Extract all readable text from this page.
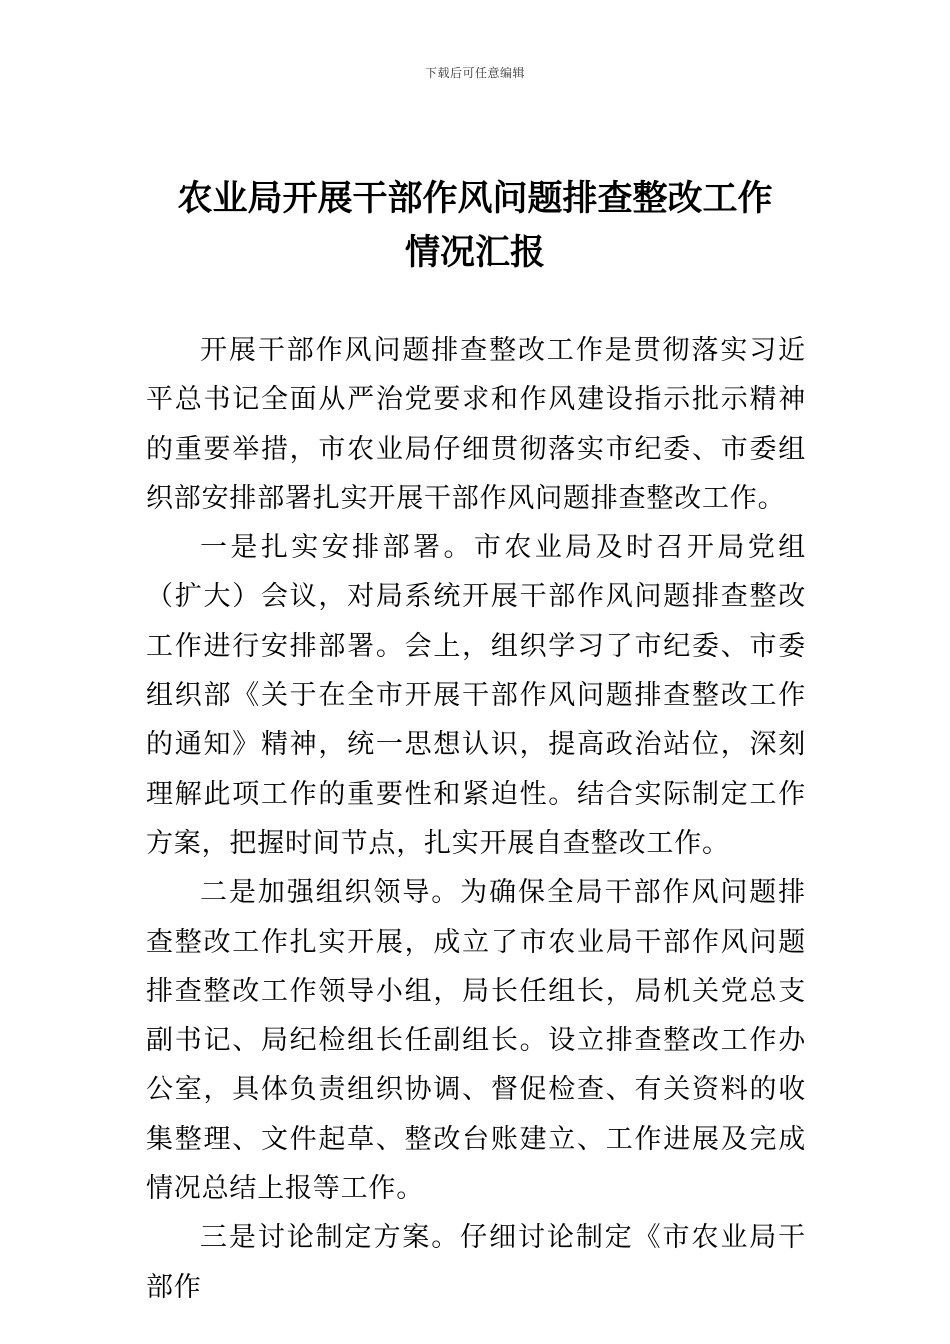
下载后可任意编辑
农业局开展干部作风问题排查整改工作
情况汇报

开展干部作风问题排查整改工作是贯彻落实习近平总书记全面从严治党要求和作风建设指示批示精神的重要举措，市农业局仔细贯彻落实市纪委、市委组织部安排部署扎实开展干部作风问题排查整改工作。

一是扎实安排部署。市农业局及时召开局党组（扩大）会议，对局系统开展干部作风问题排查整改工作进行安排部署。会上，组织学习了市纪委、市委组织部《关于在全市开展干部作风问题排查整改工作的通知》精神，统一思想认识，提高政治站位，深刻理解此项工作的重要性和紧迫性。结合实际制定工作方案，把握时间节点，扎实开展自查整改工作。

二是加强组织领导。为确保全局干部作风问题排查整改工作扎实开展，成立了市农业局干部作风问题排查整改工作领导小组，局长任组长，局机关党总支副书记、局纪检组长任副组长。设立排查整改工作办公室，具体负责组织协调、督促检查、有关资料的收集整理、文件起草、整改台账建立、工作进展及完成情况总结上报等工作。

三是讨论制定方案。仔细讨论制定《市农业局干部作
